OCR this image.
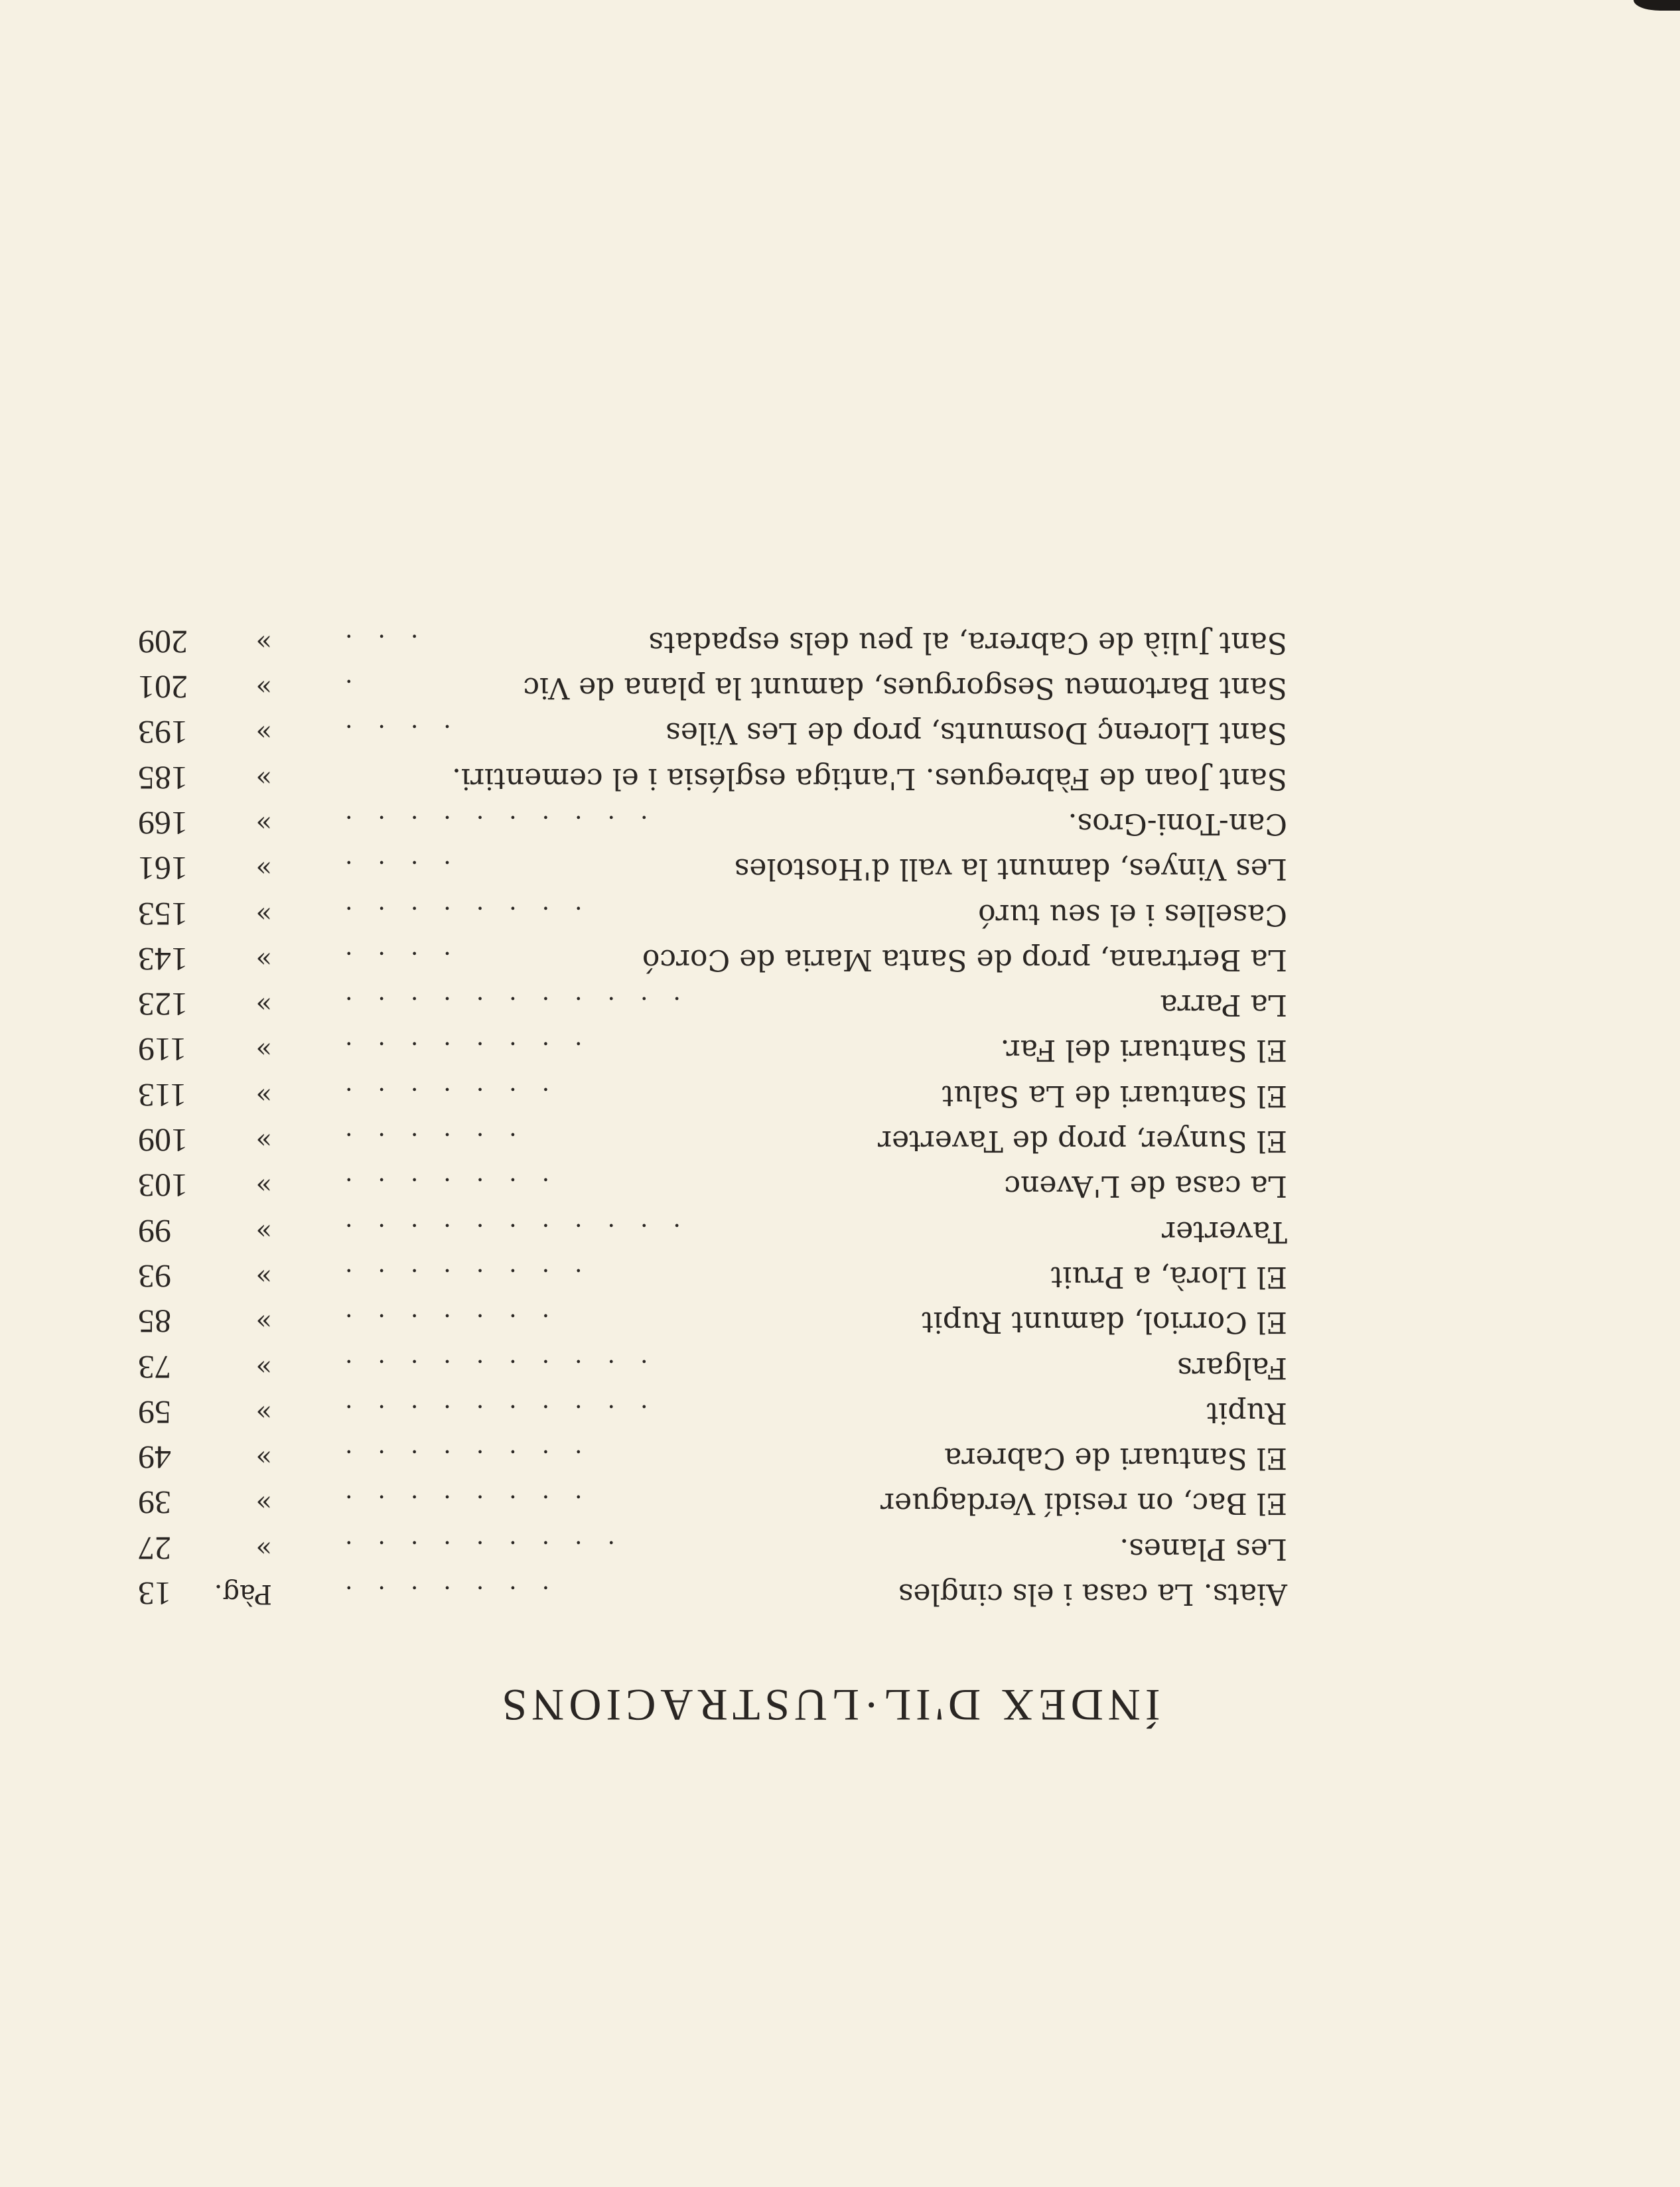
ÍNDEX D'IL·LUSTRACIONS
Aiats. La casa i els cingles
.......
Pàg.
13
Les Planes.
.........
»
27
El Bac, on residí Verdaguer
........
»
39
El Santuari de Cabrera
........
»
49
Rupit
..........
»
59
Falgars
..........
»
73
El Corriol, damunt Rupit
.......
»
85
El Llorà, a Pruit
........
»
93
Taverter
...........
»
99
La casa de L'Avenc
.......
»
103
El Sunyer, prop de Taverter
......
»
109
El Santuari de La Salut
.......
»
113
El Santuari del Far.
........
»
119
La Parra
...........
»
123
La Bertrana, prop de Santa Maria de Corcó
....
»
143
Caselles i el seu turó
........
»
153
Les Vinyes, damunt la vall d'Hostoles
....
»
161
Can-Toni-Gros.
..........
»
169
Sant Joan de Fàbregues. L'antiga església i el cementiri.
»
185
Sant Llorenç Dosmunts, prop de Les Viles
....
»
193
Sant Bartomeu Sesgorgues, damunt la plana de Vic
.
»
201
Sant Julià de Cabrera, al peu dels espadats
...
»
209
